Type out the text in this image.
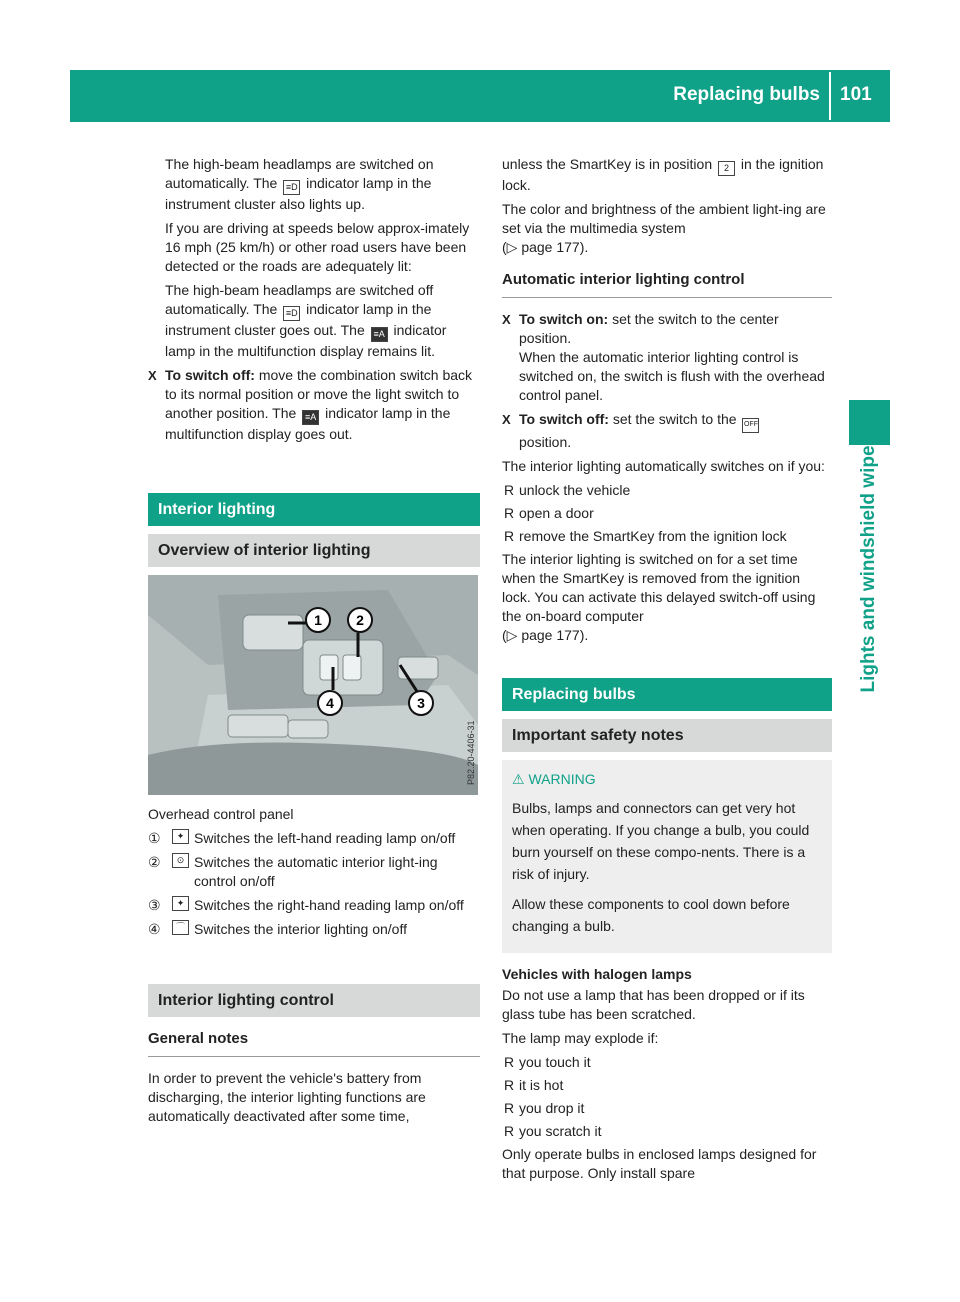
Replacing bulbs 101
Lights and windshield wipers

The high-beam headlamps are switched on automatically. The ≡D indicator lamp in the instrument cluster also lights up.

If you are driving at speeds below approx-imately 16 mph (25 km/h) or other road users have been detected or the roads are adequately lit:

The high-beam headlamps are switched off automatically. The ≡D indicator lamp in the instrument cluster goes out. The ≡A indicator lamp in the multifunction display remains lit.

X To switch off: move the combination switch back to its normal position or move the light switch to another position. The ≡A indicator lamp in the multifunction display goes out.
Interior lighting
Overview of interior lighting
1 2
3
4
P82.20-4406-31

Overhead control panel

①	✦ Switches the left-hand reading lamp on/off
②	⊙ Switches the automatic interior light-ing control on/off
③	✦ Switches the right-hand reading lamp on/off
④	⌒ Switches the interior lighting on/off
Interior lighting control
General notes

In order to prevent the vehicle's battery from discharging, the interior lighting functions are automatically deactivated after some time,

unless the SmartKey is in position 2 in the ignition lock.

The color and brightness of the ambient light-ing are set via the multimedia system
(▷ page 177).

Automatic interior lighting control
X To switch on: set the switch to the center position.
When the automatic interior lighting control is switched on, the switch is flush with the overhead control panel.
X To switch off: set the switch to the OFF
position.

The interior lighting automatically switches on if you:

R unlock the vehicle
R open a door
R remove the SmartKey from the ignition lock

The interior lighting is switched on for a set time when the SmartKey is removed from the ignition lock. You can activate this delayed switch-off using the on-board computer
(▷ page 177).

Replacing bulbs
Important safety notes
⚠ WARNING

Bulbs, lamps and connectors can get very hot when operating. If you change a bulb, you could burn yourself on these compo-nents. There is a risk of injury.

Allow these components to cool down before changing a bulb.

Vehicles with halogen lamps

Do not use a lamp that has been dropped or if its glass tube has been scratched.

The lamp may explode if:

R you touch it
R it is hot
R you drop it
R you scratch it

Only operate bulbs in enclosed lamps designed for that purpose. Only install spare
